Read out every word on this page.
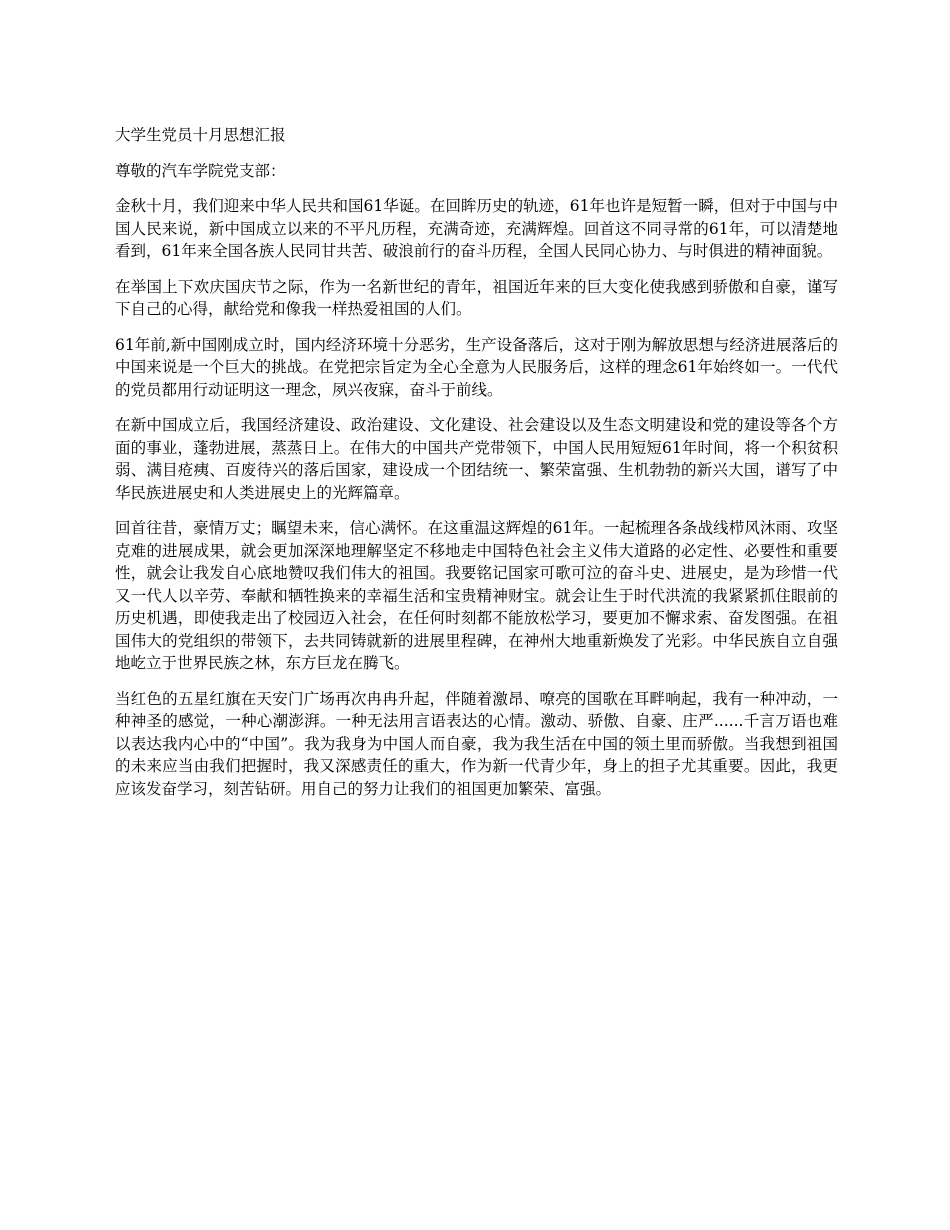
大学生党员十月思想汇报

尊敬的汽车学院党支部：

金秋十月，我们迎来中华人民共和国61华诞。在回眸历史的轨迹，61年也许是短暂一瞬，但对于中国与中国人民来说，新中国成立以来的不平凡历程，充满奇迹，充满辉煌。回首这不同寻常的61年，可以清楚地看到，61年来全国各族人民同甘共苦、破浪前行的奋斗历程，全国人民同心协力、与时俱进的精神面貌。

在举国上下欢庆国庆节之际，作为一名新世纪的青年，祖国近年来的巨大变化使我感到骄傲和自豪，谨写下自己的心得，献给党和像我一样热爱祖国的人们。

61年前,新中国刚成立时，国内经济环境十分恶劣，生产设备落后，这对于刚为解放思想与经济进展落后的中国来说是一个巨大的挑战。在党把宗旨定为全心全意为人民服务后，这样的理念61年始终如一。一代代的党员都用行动证明这一理念，夙兴夜寐，奋斗于前线。

在新中国成立后，我国经济建设、政治建设、文化建设、社会建设以及生态文明建设和党的建设等各个方面的事业，蓬勃进展，蒸蒸日上。在伟大的中国共产党带领下，中国人民用短短61年时间，将一个积贫积弱、满目疮痍、百废待兴的落后国家，建设成一个团结统一、繁荣富强、生机勃勃的新兴大国，谱写了中华民族进展史和人类进展史上的光辉篇章。

回首往昔，豪情万丈；瞩望未来，信心满怀。在这重温这辉煌的61年。一起梳理各条战线栉风沐雨、攻坚克难的进展成果，就会更加深深地理解坚定不移地走中国特色社会主义伟大道路的必定性、必要性和重要性，就会让我发自心底地赞叹我们伟大的祖国。我要铭记国家可歌可泣的奋斗史、进展史，是为珍惜一代又一代人以辛劳、奉献和牺牲换来的幸福生活和宝贵精神财宝。就会让生于时代洪流的我紧紧抓住眼前的历史机遇，即使我走出了校园迈入社会，在任何时刻都不能放松学习，要更加不懈求索、奋发图强。在祖国伟大的党组织的带领下，去共同铸就新的进展里程碑，在神州大地重新焕发了光彩。中华民族自立自强地屹立于世界民族之林，东方巨龙在腾飞。

当红色的五星红旗在天安门广场再次冉冉升起，伴随着激昂、嘹亮的国歌在耳畔响起，我有一种冲动，一种神圣的感觉，一种心潮澎湃。一种无法用言语表达的心情。激动、骄傲、自豪、庄严......千言万语也难以表达我内心中的“中国”。我为我身为中国人而自豪，我为我生活在中国的领土里而骄傲。当我想到祖国的未来应当由我们把握时，我又深感责任的重大，作为新一代青少年，身上的担子尤其重要。因此，我更应该发奋学习，刻苦钻研。用自己的努力让我们的祖国更加繁荣、富强。
